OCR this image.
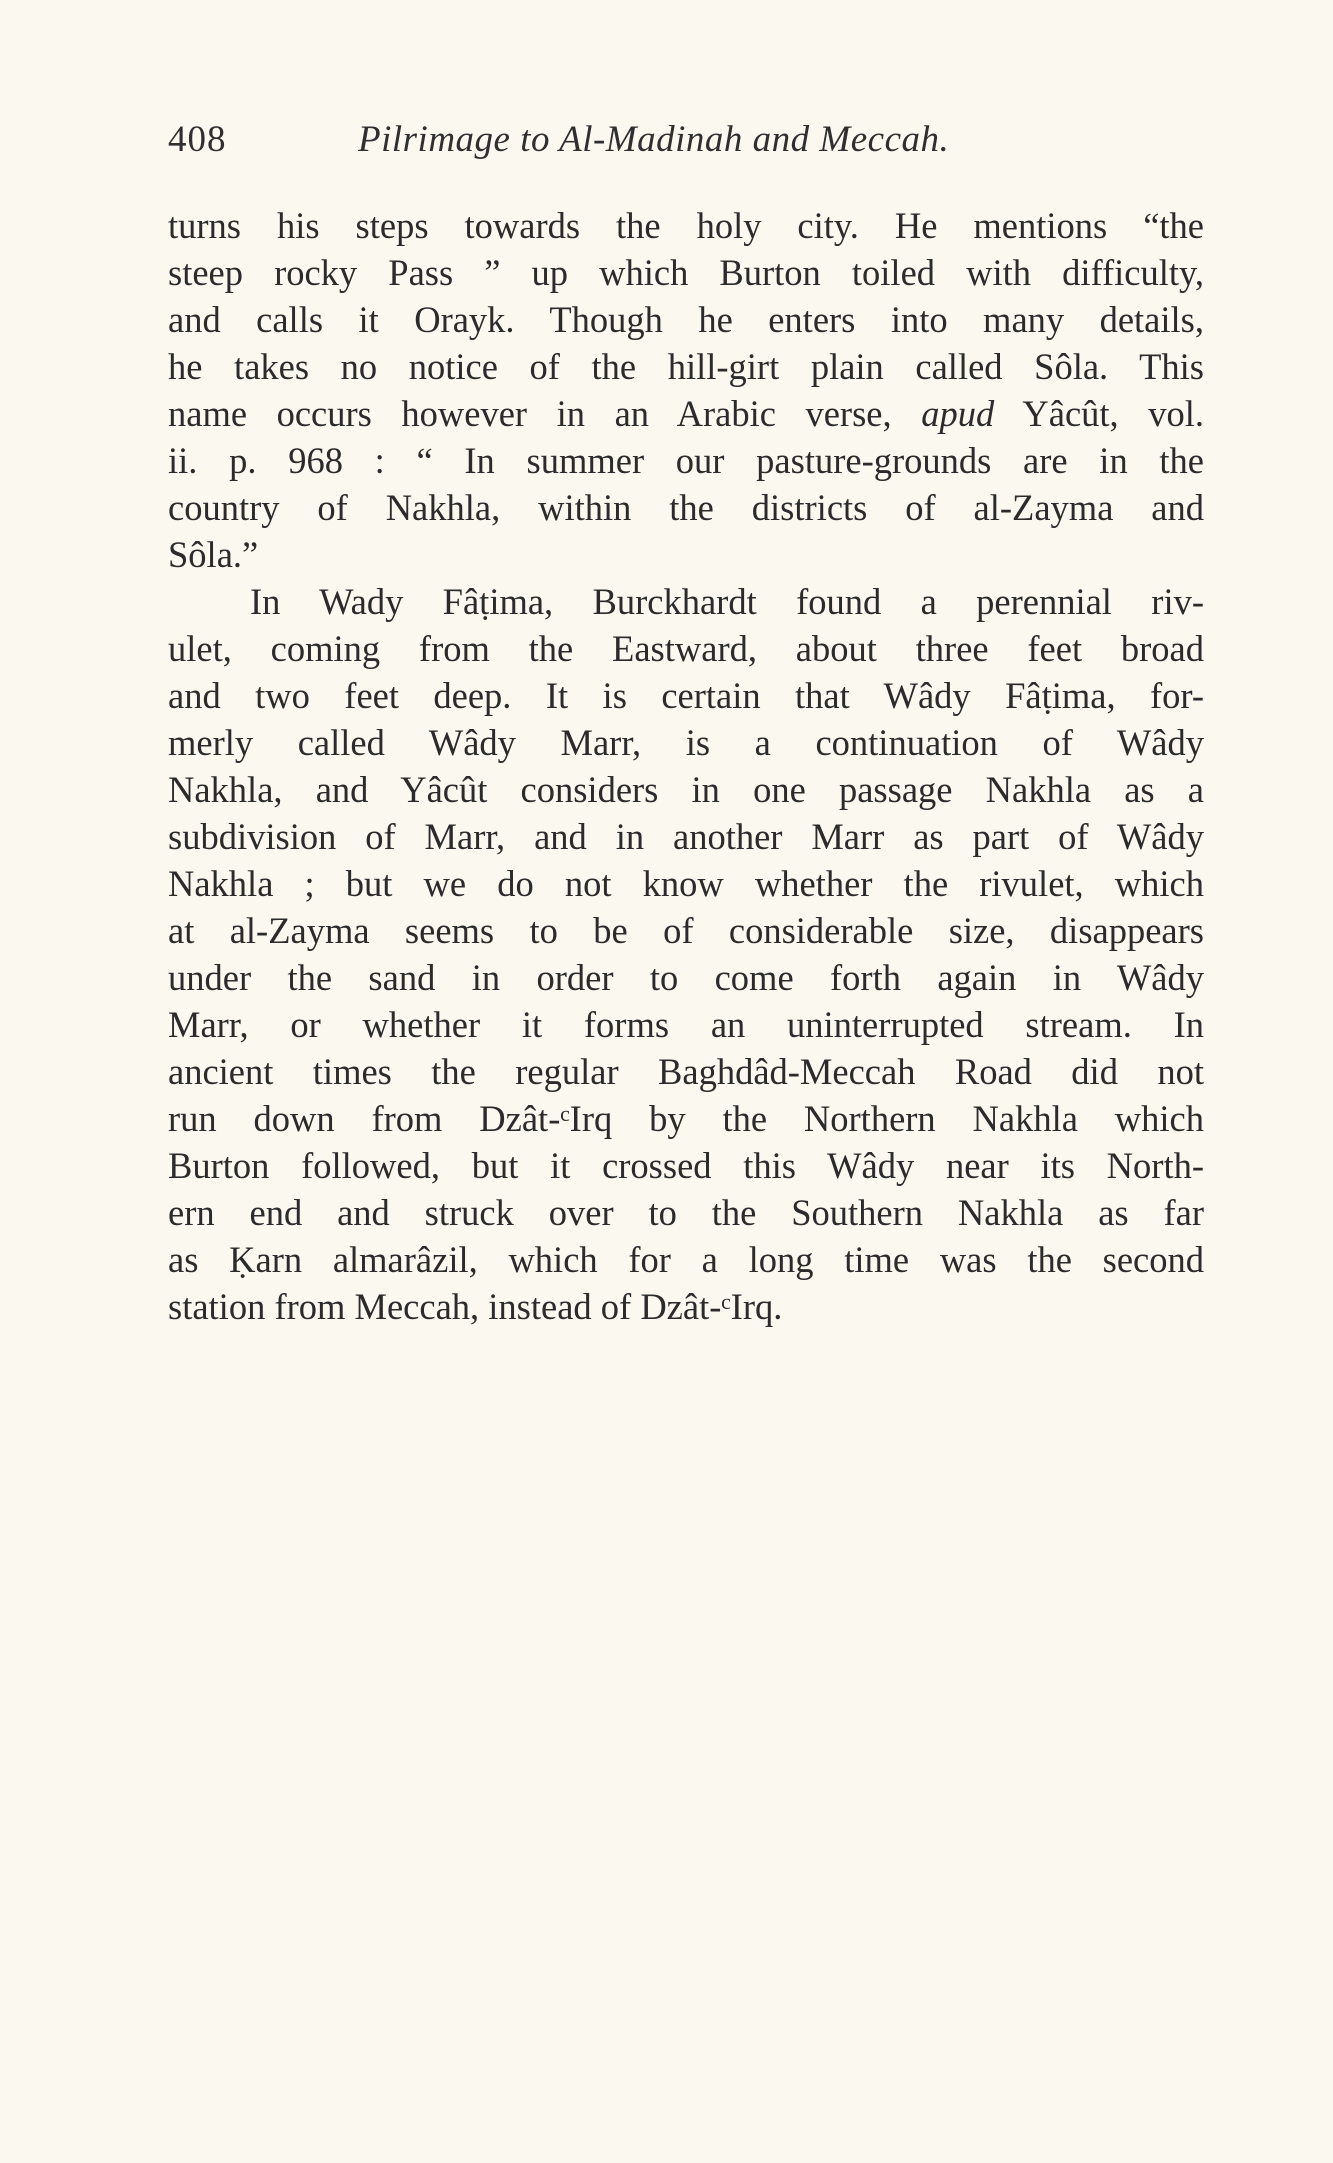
408	Pilrimage to Al-Madinah and Meccah.
turns his steps towards the holy city. He mentions “the
steep rocky Pass ” up which Burton toiled with difficulty,
and calls it Orayk. Though he enters into many details,
he takes no notice of the hill-girt plain called Sôla. This
name occurs however in an Arabic verse, apud Yâcût, vol.
ii. p. 968 : “ In summer our pasture-grounds are in the
country of Nakhla, within the districts of al-Zayma and
Sôla.”
In Wady Fâṭima, Burckhardt found a perennial riv-
ulet, coming from the Eastward, about three feet broad
and two feet deep. It is certain that Wâdy Fâṭima, for-
merly called Wâdy Marr, is a continuation of Wâdy
Nakhla, and Yâcût considers in one passage Nakhla as a
subdivision of Marr, and in another Marr as part of Wâdy
Nakhla ; but we do not know whether the rivulet, which
at al-Zayma seems to be of considerable size, disappears
under the sand in order to come forth again in Wâdy
Marr, or whether it forms an uninterrupted stream. In
ancient times the regular Baghdâd-Meccah Road did not
run down from Dzât-ᶜIrq by the Northern Nakhla which
Burton followed, but it crossed this Wâdy near its North-
ern end and struck over to the Southern Nakhla as far
as Ḳarn almarâzil, which for a long time was the second
station from Meccah, instead of Dzât-ᶜIrq.
